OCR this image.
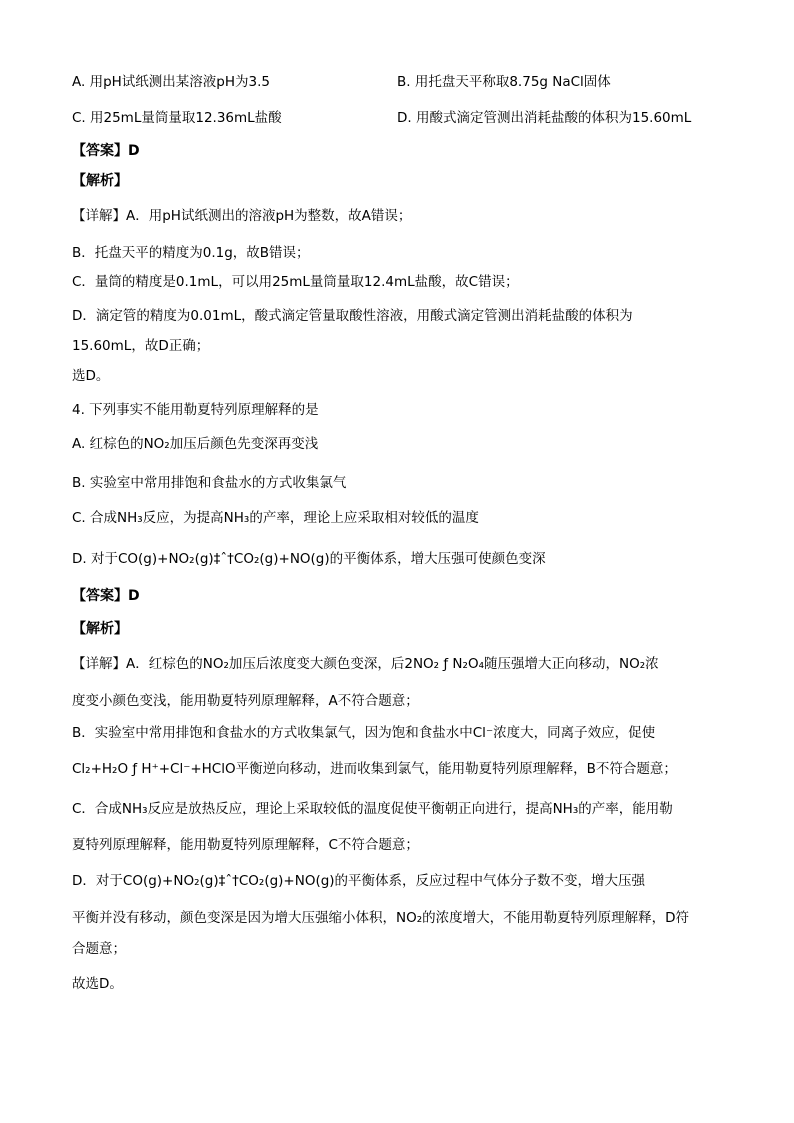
A. 用pH试纸测出某溶液pH为3.5	B. 用托盘天平称取8.75g NaCl固体
C. 用25mL量筒量取12.36mL盐酸	D. 用酸式滴定管测出消耗盐酸的体积为15.60mL
【答案】D
【解析】
【详解】A．用pH试纸测出的溶液pH为整数，故A错误；
B．托盘天平的精度为0.1g，故B错误；
C．量筒的精度是0.1mL，可以用25mL量筒量取12.4mL盐酸，故C错误；
D．滴定管的精度为0.01mL，酸式滴定管量取酸性溶液，用酸式滴定管测出消耗盐酸的体积为
15.60mL，故D正确；
选D。
4. 下列事实不能用勒夏特列原理解释的是
A. 红棕色的NO₂加压后颜色先变深再变浅
B. 实验室中常用排饱和食盐水的方式收集氯气
C. 合成NH₃反应，为提高NH₃的产率，理论上应采取相对较低的温度
D. 对于CO(g)+NO₂(g)‡ˆ†CO₂(g)+NO(g)的平衡体系，增大压强可使颜色变深
【答案】D
【解析】
【详解】A．红棕色的NO₂加压后浓度变大颜色变深，后2NO₂ ƒ N₂O₄随压强增大正向移动，NO₂浓
度变小颜色变浅，能用勒夏特列原理解释，A不符合题意；
B．实验室中常用排饱和食盐水的方式收集氯气，因为饱和食盐水中Cl⁻浓度大，同离子效应，促使
Cl₂+H₂O ƒ H⁺+Cl⁻+HClO平衡逆向移动，进而收集到氯气，能用勒夏特列原理解释，B不符合题意；
C．合成NH₃反应是放热反应，理论上采取较低的温度促使平衡朝正向进行，提高NH₃的产率，能用勒
夏特列原理解释，能用勒夏特列原理解释，C不符合题意；
D．对于CO(g)+NO₂(g)‡ˆ†CO₂(g)+NO(g)的平衡体系，反应过程中气体分子数不变，增大压强
平衡并没有移动，颜色变深是因为增大压强缩小体积，NO₂的浓度增大，不能用勒夏特列原理解释，D符
合题意；
故选D。
